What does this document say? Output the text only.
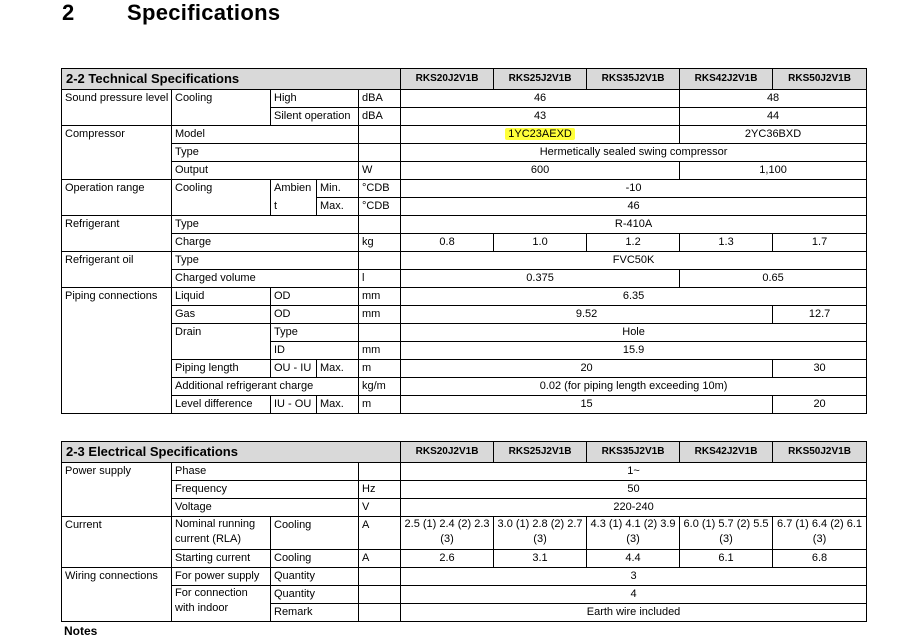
2 Specifications
2-2 Technical Specifications					RKS20J2V1B	RKS25J2V1B	RKS35J2V1B	RKS42J2V1B	RKS50J2V1B
Sound pressure level	Cooling	High		dBA	46			48	
		Silent operation		dBA	43			44	
Compressor	Model				1YC23AEXD			2YC36BXD	
	Type				Hermetically sealed swing compressor				
	Output			W	600			1,100	
Operation range	Cooling	Ambien	Min.	°CDB	-10				
		t	Max.	°CDB	46				
Refrigerant	Type				R-410A				
	Charge			kg	0.8	1.0	1.2	1.3	1.7
Refrigerant oil	Type				FVC50K				
	Charged volume			l	0.375			0.65	
Piping connections	Liquid	OD		mm	6.35				
	Gas	OD		mm	9.52				12.7
	Drain	Type			Hole				
		ID		mm	15.9				
	Piping length	OU - IU	Max.	m	20				30
	Additional refrigerant charge			kg/m	0.02 (for piping length exceeding 10m)				
	Level difference	IU - OU	Max.	m	15				20
2-3 Electrical Specifications				RKS20J2V1B	RKS25J2V1B	RKS35J2V1B	RKS42J2V1B	RKS50J2V1B
Power supply	Phase			1~				
	Frequency		Hz	50				
	Voltage		V	220-240				
Current	Nominal running current (RLA)	Cooling	A	2.5 (1) 2.4 (2) 2.3 (3)	3.0 (1) 2.8 (2) 2.7 (3)	4.3 (1) 4.1 (2) 3.9 (3)	6.0 (1) 5.7 (2) 5.5 (3)	6.7 (1) 6.4 (2) 6.1 (3)
	Starting current	Cooling	A	2.6	3.1	4.4	6.1	6.8
Wiring connections	For power supply	Quantity		3				
	For connection with indoor	Quantity		4				
		Remark		Earth wire included				
Notes
